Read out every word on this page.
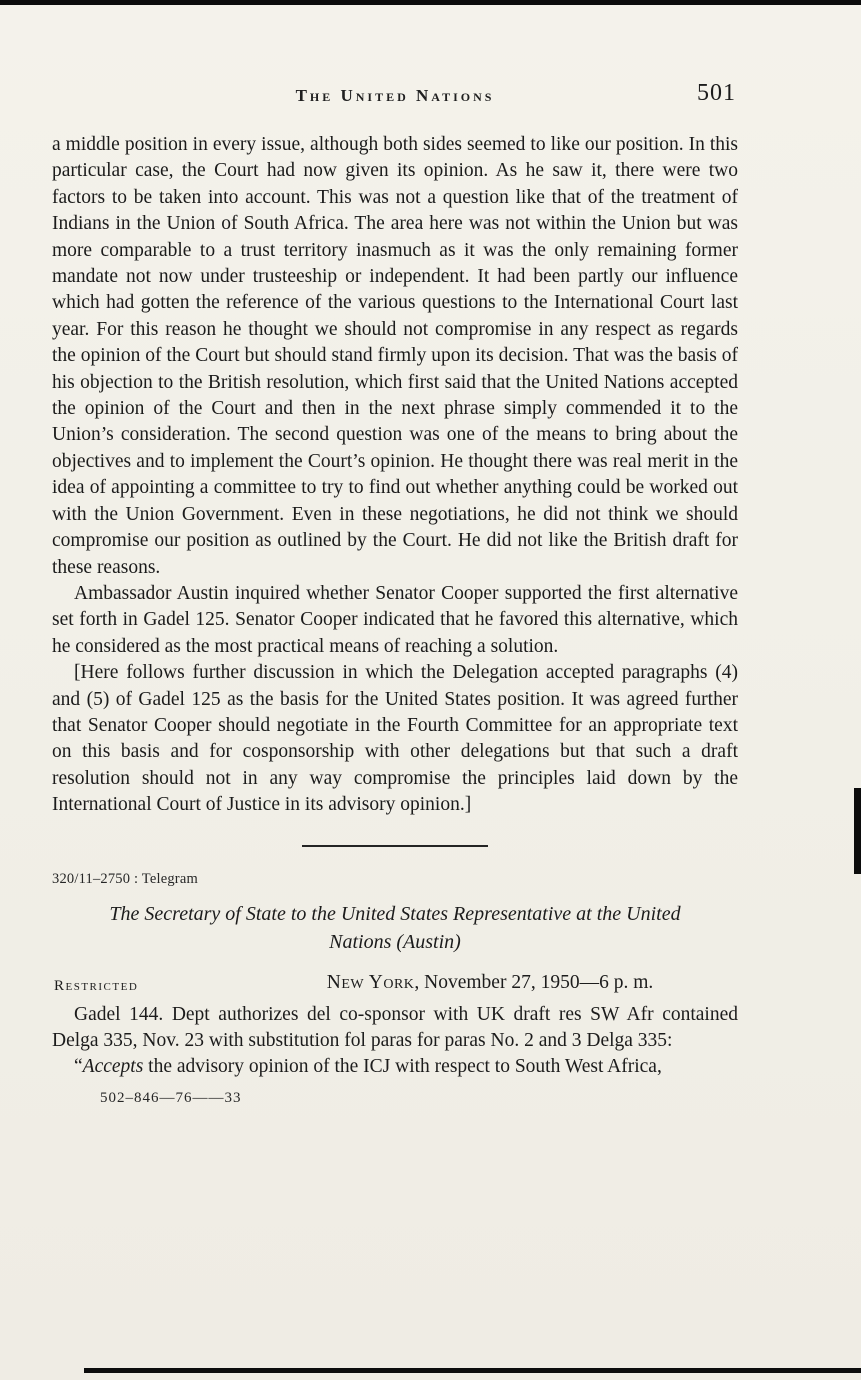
The United Nations	501

a middle position in every issue, although both sides seemed to like our position. In this particular case, the Court had now given its opinion. As he saw it, there were two factors to be taken into account. This was not a question like that of the treatment of Indians in the Union of South Africa. The area here was not within the Union but was more comparable to a trust territory inasmuch as it was the only remaining former mandate not now under trusteeship or independent. It had been partly our influence which had gotten the reference of the various questions to the International Court last year. For this reason he thought we should not compromise in any respect as regards the opinion of the Court but should stand firmly upon its decision. That was the basis of his objection to the British resolution, which first said that the United Nations accepted the opinion of the Court and then in the next phrase simply commended it to the Union’s consideration. The second question was one of the means to bring about the objectives and to implement the Court’s opinion. He thought there was real merit in the idea of appointing a committee to try to find out whether anything could be worked out with the Union Government. Even in these negotiations, he did not think we should compromise our position as outlined by the Court. He did not like the British draft for these reasons.

Ambassador Austin inquired whether Senator Cooper supported the first alternative set forth in Gadel 125. Senator Cooper indicated that he favored this alternative, which he considered as the most practical means of reaching a solution.

[Here follows further discussion in which the Delegation accepted paragraphs (4) and (5) of Gadel 125 as the basis for the United States position. It was agreed further that Senator Cooper should negotiate in the Fourth Committee for an appropriate text on this basis and for cosponsorship with other delegations but that such a draft resolution should not in any way compromise the principles laid down by the International Court of Justice in its advisory opinion.]

320/11–2750 : Telegram
The Secretary of State to the United States Representative at the United Nations (Austin)
Restricted	New York, November 27, 1950—6 p. m.

Gadel 144. Dept authorizes del co-sponsor with UK draft res SW Afr contained Delga 335, Nov. 23 with substitution fol paras for paras No. 2 and 3 Delga 335:

“Accepts the advisory opinion of the ICJ with respect to South West Africa,

502–846—76——33
